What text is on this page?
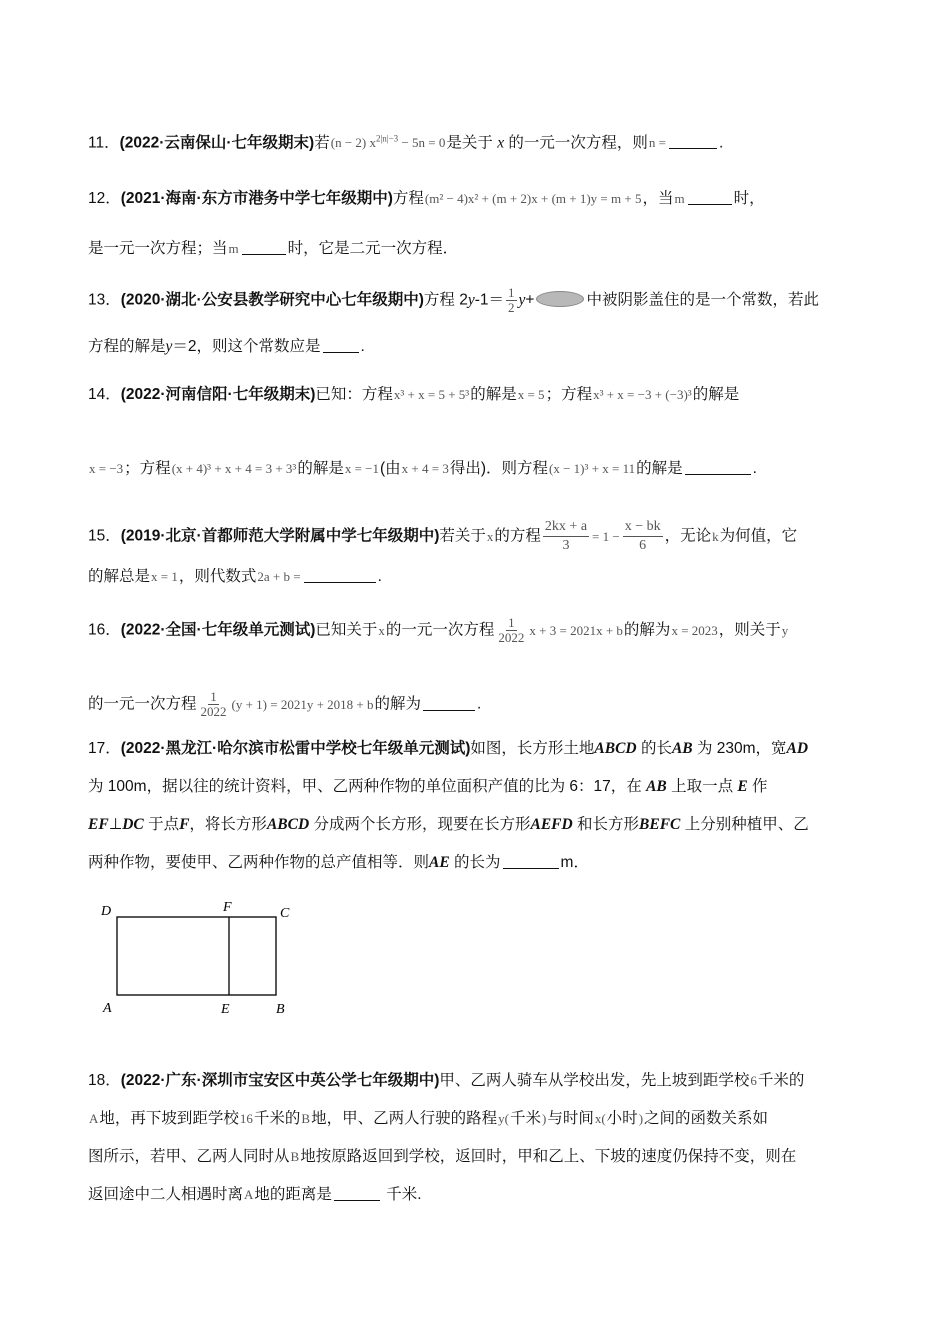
11．(2022·云南保山·七年级期末)若(n − 2) $x^{2|n|-3} - 5n = 0$是关于 x 的一元一次方程，则n =	.
12．(2021·海南·东方市港务中学七年级期中)方程(m² − 4)x² + (m + 2)x + (m + 1)y = m + 5，当m	时，
是一元一次方程；当m	时，它是二元一次方程．
13．(2020·湖北·公安县教学研究中心七年级期中)方程 $2y-1= \frac{1}{2} y+$	中被阴影盖住的是一个常数，若此
方程的解是y＝2，则这个常数应是	.
14．(2022·河南信阳·七年级期末)已知：方程x³ + x = 5 + 5³的解是x = 5；方程x³ + x = −3 + (−3)³的解是
x = −3；方程(x + 4)³ + x + 4 = 3 + 3³的解是x = −1(由x + 4 = 3得出)．则方程(x − 1)³ + x = 11的解是	.
15．(2019·北京·首都师范大学附属中学七年级期中)若关于x的方程 $\frac{2kx + a}{3} = 1 - \frac{x - bk}{6}$ ，无论k为何值，它
的解总是x = 1，则代数式2a + b =	.
16．(2022·全国·七年级单元测试)已知关于x的一元一次方程 $\frac{1}{2022}$ x + 3 = 2021x + b的解为x = 2023，则关于y
的一元一次方程 $\frac{1}{2022} (y + 1) = 2021y + 2018 + b$的解为	.
17．(2022·黑龙江·哈尔滨市松雷中学校七年级单元测试)如图，长方形土地ABCD 的长AB 为 230m，宽AD
为 100m，据以往的统计资料，甲、乙两种作物的单位面积产值的比为 6：17，在 AB 上取一点 E 作
EF⊥DC 于点F，将长方形ABCD 分成两个长方形，现要在长方形AEFD 和长方形BEFC 上分别种植甲、乙
两种作物，要使甲、乙两种作物的总产值相等．则AE 的长为	m．
D	F	C
A	E	B
18．(2022·广东·深圳市宝安区中英公学七年级期中)甲、乙两人骑车从学校出发，先上坡到距学校6千米的
A地，再下坡到距学校16千米的B地，甲、乙两人行驶的路程y(千米)与时间x(小时)之间的函数关系如
图所示，若甲、乙两人同时从B地按原路返回到学校，返回时，甲和乙上、下坡的速度仍保持不变，则在
返回途中二人相遇时离A地的距离是	千米.
